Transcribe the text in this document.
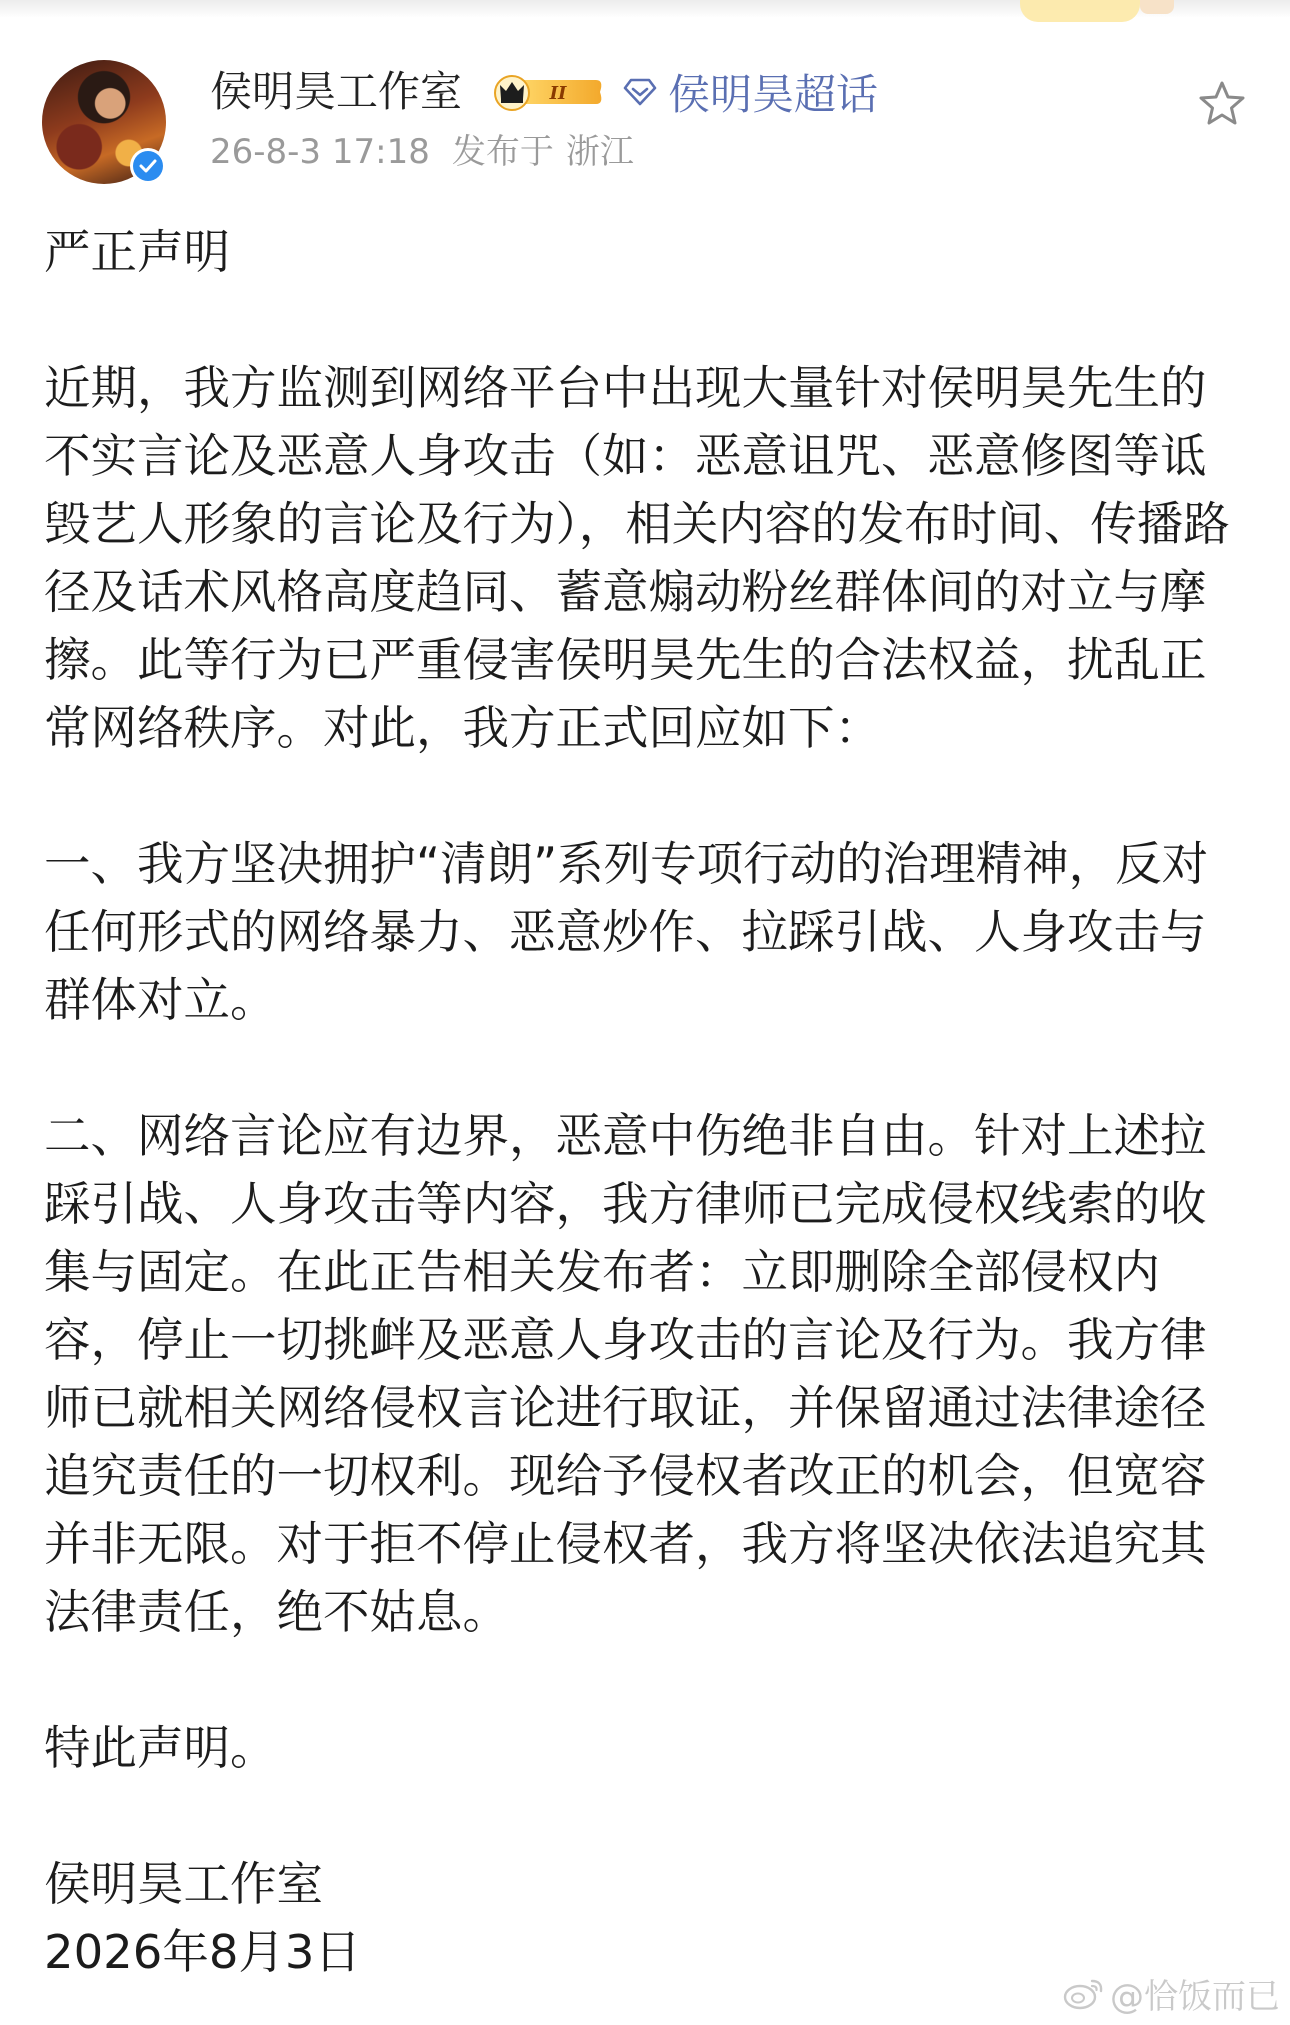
侯明昊工作室	II 侯明昊超话
26-8-3 17:18 发布于 浙江

严正声明

近期，我方监测到网络平台中出现大量针对侯明昊先生的不实言论及恶意人身攻击（如：恶意诅咒、恶意修图等诋毁艺人形象的言论及行为），相关内容的发布时间、传播路径及话术风格高度趋同、蓄意煽动粉丝群体间的对立与摩擦。此等行为已严重侵害侯明昊先生的合法权益，扰乱正常网络秩序。对此，我方正式回应如下：

一、我方坚决拥护“清朗”系列专项行动的治理精神，反对任何形式的网络暴力、恶意炒作、拉踩引战、人身攻击与群体对立。

二、网络言论应有边界，恶意中伤绝非自由。针对上述拉踩引战、人身攻击等内容，我方律师已完成侵权线索的收集与固定。在此正告相关发布者：立即删除全部侵权内容，停止一切挑衅及恶意人身攻击的言论及行为。我方律师已就相关网络侵权言论进行取证，并保留通过法律途径追究责任的一切权利。现给予侵权者改正的机会，但宽容并非无限。对于拒不停止侵权者，我方将坚决依法追究其法律责任，绝不姑息。

特此声明。

侯明昊工作室

2026年8月3日

@恰饭而已
